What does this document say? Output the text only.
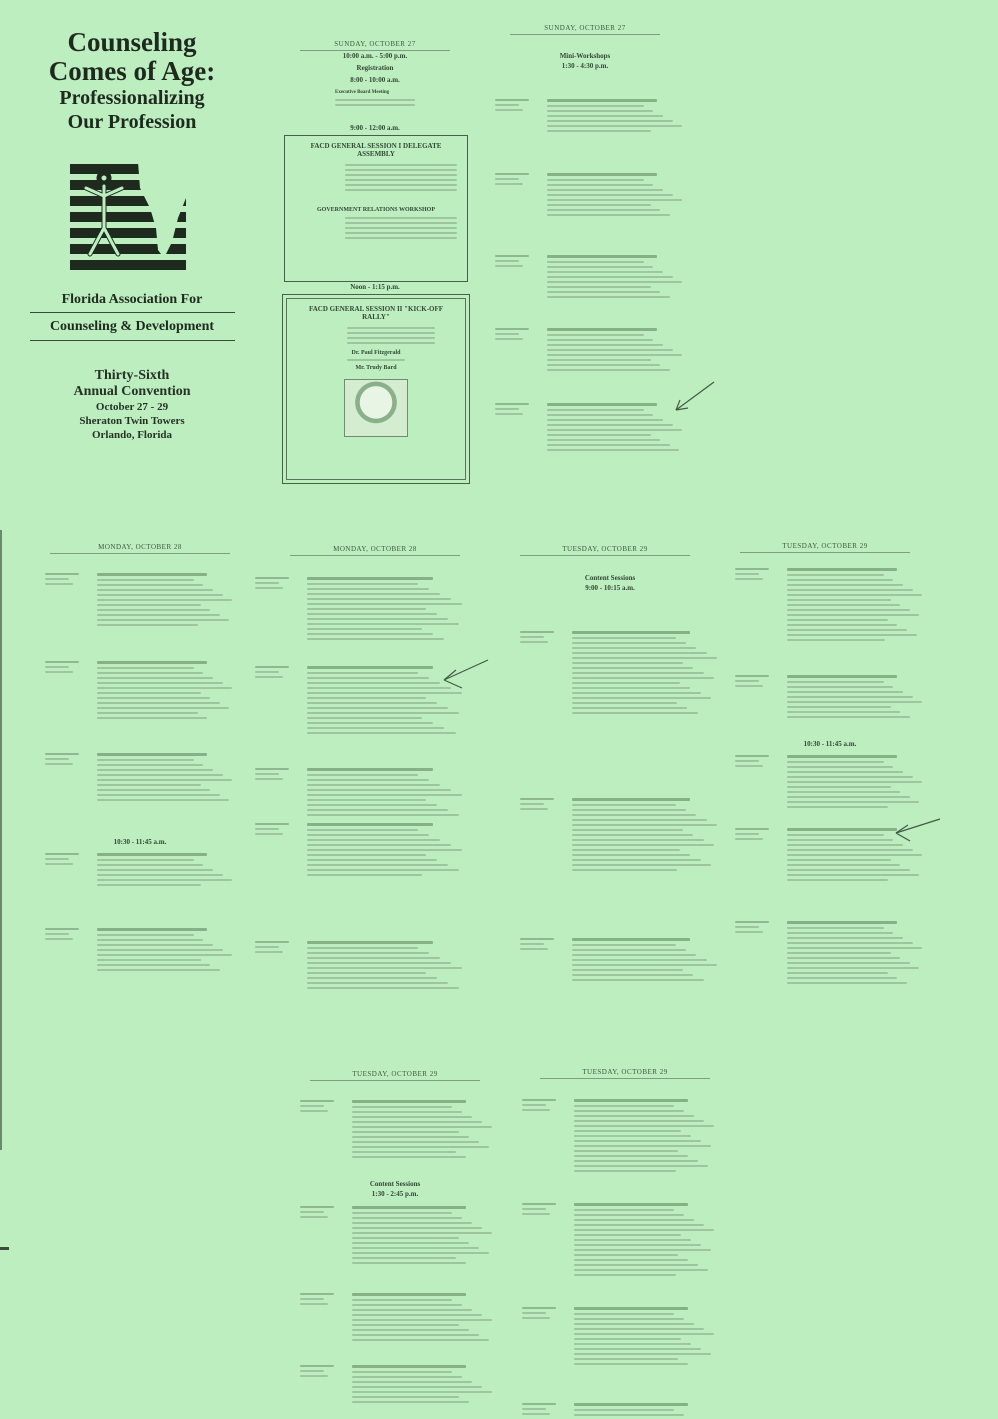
Counseling
Comes of Age:
Professionalizing
Our Profession
Florida Association For
Counseling & Development
Thirty-Sixth
Annual Convention
October 27 - 29
Sheraton Twin Towers
Orlando, Florida
SUNDAY, OCTOBER 27
10:00 a.m. - 5:00 p.m.
Registration
8:00 - 10:00 a.m.
Executive Board Meeting
9:00 - 12:00 a.m.
FACD GENERAL SESSION I DELEGATE ASSEMBLY
GOVERNMENT RELATIONS WORKSHOP
Noon - 1:15 p.m.
FACD GENERAL SESSION II "KICK-OFF RALLY"
Dr. Paul Fitzgerald
Mr. Trudy Bard
SUNDAY, OCTOBER 27
Mini-Workshops
1:30 - 4:30 p.m.
MONDAY, OCTOBER 28
10:30 - 11:45 a.m.
MONDAY, OCTOBER 28	TUESDAY, OCTOBER 29
Content Sessions
9:00 - 10:15 a.m.
TUESDAY, OCTOBER 29
10:30 - 11:45 a.m.
TUESDAY, OCTOBER 29
Content Sessions
1:30 - 2:45 p.m.
TUESDAY, OCTOBER 29
